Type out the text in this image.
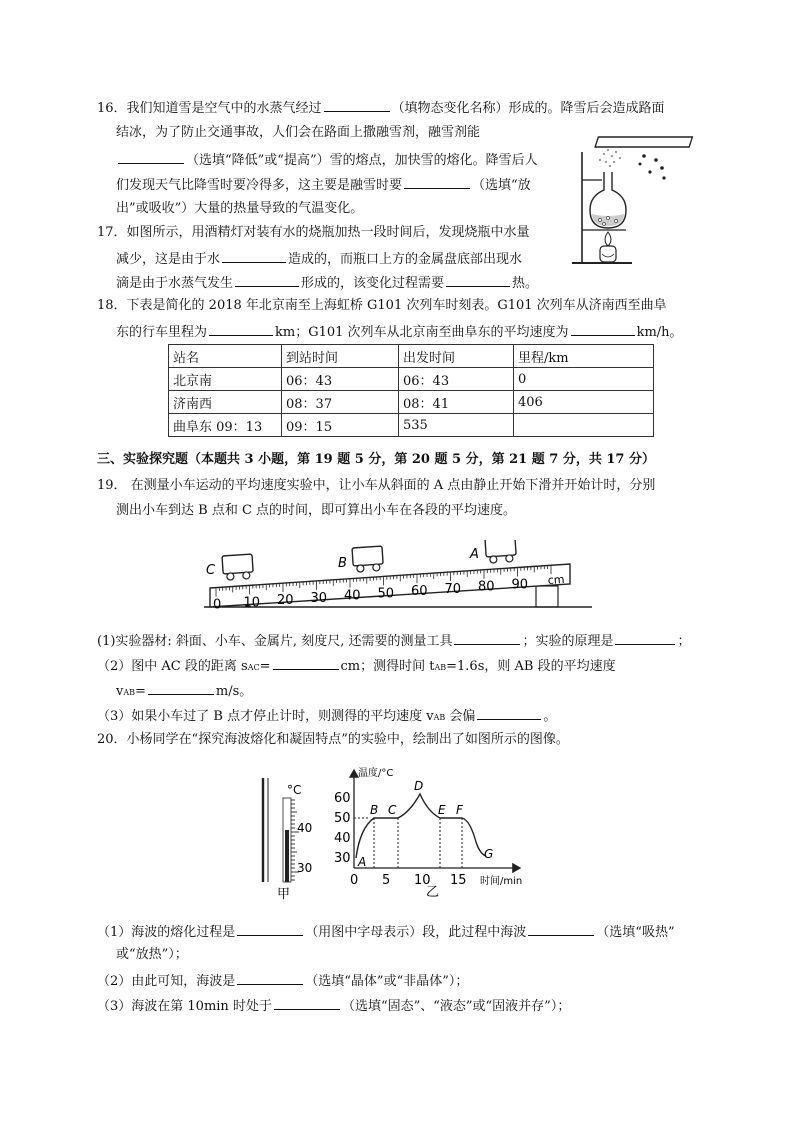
16．我们知道雪是空气中的水蒸气经过	（填物态变化名称）形成的。降雪后会造成路面
结冰，为了防止交通事故，人们会在路面上撒融雪剂，融雪剂能
（选填“降低”或“提高”）雪的熔点，加快雪的熔化。降雪后人
们发现天气比降雪时要冷得多，这主要是融雪时要	（选填“放
出”或吸收”）大量的热量导致的气温变化。
17．如图所示，用酒精灯对装有水的烧瓶加热一段时间后，发现烧瓶中水量
减少，这是由于水	造成的，而瓶口上方的金属盘底部出现水
滴是由于水蒸气发生	形成的，该变化过程需要	热。
18．下表是简化的 2018 年北京南至上海虹桥 G101 次列车时刻表。G101 次列车从济南西至曲阜
东的行车里程为	km；G101 次列车从北京南至曲阜东的平均速度为	km/h。
站名	到站时间	出发时间	里程/km
北京南	06：43	06：43	0
济南西	08：37	08：41	406
曲阜东 09：13	09：15	535	
三、实验探究题（本题共 3 小题，第 19 题 5 分，第 20 题 5 分，第 21 题 7 分，共 17 分）
19． 在测量小车运动的平均速度实验中，让小车从斜面的 A 点由静止开始下滑并开始计时，分别
测出小车到达 B 点和 C 点的时间，即可算出小车在各段的平均速度。
0 10 20 30 40 50 60 70 80 90 cm
C	B
A
(1)实验器材: 斜面、小车、金属片, 刻度尺, 还需要的测量工具	；实验的原理是	；
（2）图中 AC 段的距离 sAC=	cm；测得时间 tAB=1.6s，则 AB 段的平均速度
vAB=	m/s。
（3）如果小车过了 B 点才停止计时，则测得的平均速度 vAB 会偏	。
20．小杨同学在“探究海波熔化和凝固特点”的实验中，绘制出了如图所示的图像。
°C
40
30
甲
温度/°C
时间/min
60
50
40
30
0 5 10 15
A
B C
D
E F
G
乙
（1）海波的熔化过程是	（用图中字母表示）段，此过程中海波	（选填“吸热”
或“放热”）；
（2）由此可知，海波是	（选填“晶体”或“非晶体”）；
（3）海波在第 10min 时处于	（选填“固态”、“液态”或“固液并存”）；
